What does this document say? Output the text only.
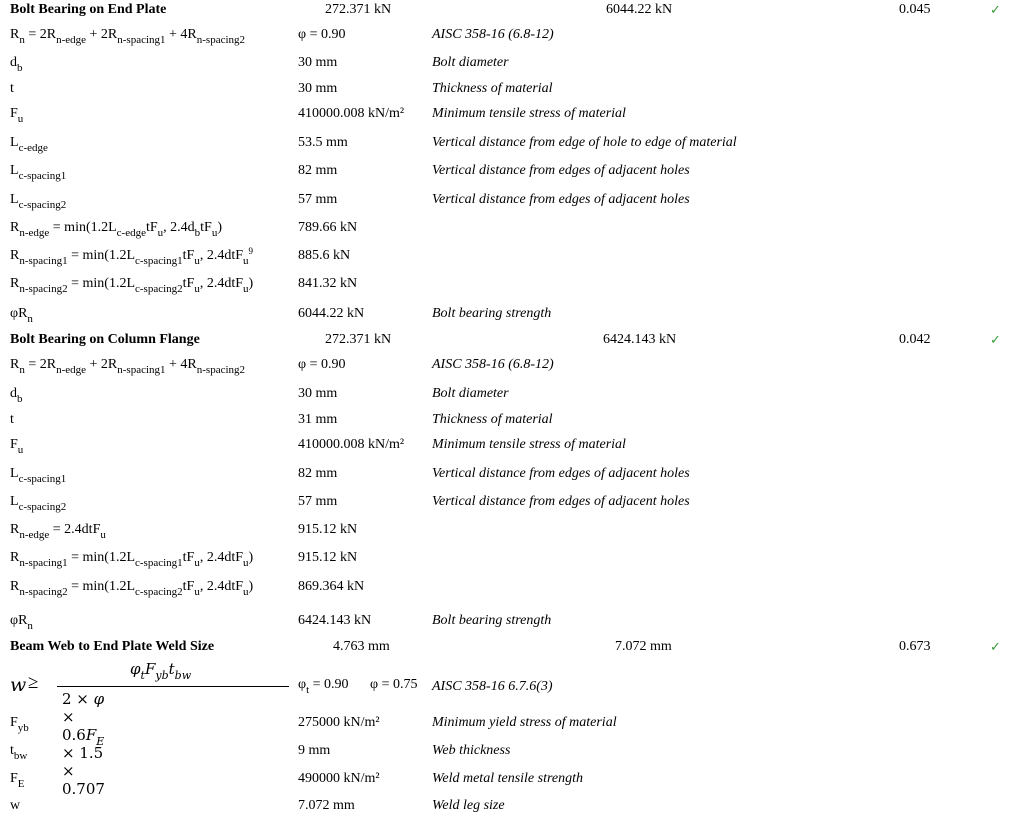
Bolt Bearing on End Plate	272.371 kN	6044.22 kN	0.045	✓
$R_n = 2R_{n-edge} + 2R_{n-spacing1} + 4R_{n-spacing2}$	φ = 0.90	AISC 358-16 (6.8-12)
$d_b$	30 mm	Bolt diameter
t	30 mm	Thickness of material
$F_u$	410000.008 kN/m² Minimum tensile stress of material
$L_{c-edge}$	53.5 mm	Vertical distance from edge of hole to edge of material
$L_{c-spacing1}$	82 mm	Vertical distance from edges of adjacent holes
$L_{c-spacing2}$	57 mm	Vertical distance from edges of adjacent holes
$R_{n-edge} = \min(1.2L_{c-edge}tF_u$, $2.4d_btF_u$)	789.66 kN
$R_{n-spacing1} = \min(1.2L_{c-spacing1}tF_u$, 2.4dtF$_u^9$	885.6 kN
$R_{n-spacing2} = \min(1.2L_{c-spacing2}tF_u$, 2.4dtF$_u$)	841.32 kN
$\varphi R_n$	6044.22 kN	Bolt bearing strength
Bolt Bearing on Column Flange	272.371 kN	6424.143 kN	0.042	✓
$R_n = 2R_{n-edge} + 2R_{n-spacing1} + 4R_{n-spacing2}$	φ = 0.90	AISC 358-16 (6.8-12)
$d_b$	30 mm	Bolt diameter
t	31 mm	Thickness of material
$F_u$	410000.008 kN/m² Minimum tensile stress of material
$L_{c-spacing1}$	82 mm	Vertical distance from edges of adjacent holes
$L_{c-spacing2}$	57 mm	Vertical distance from edges of adjacent holes
$R_{n-edge} = 2.4dtF_u$	915.12 kN
$R_{n-spacing1} = \min(1.2L_{c-spacing1}tF_u$, 2.4dtF$_u$)	915.12 kN
$R_{n-spacing2} = \min(1.2L_{c-spacing2}tF_u$, 2.4dtF$_u$)	869.364 kN
$\varphi R_n$	6424.143 kN	Bolt bearing strength
Beam Web to End Plate Weld Size	4.763 mm	7.072 mm	0.673	✓
w ≥
$\varphi_tF_{yb}t_{bw}$
$2 \times \varphi \times 0.6F_E \times 1.5 \times 0.707$
$\varphi_t = 0.90$ φ = 0.75 AISC 358-16 6.7.6(3)
$F_{yb}$	275000 kN/m²	Minimum yield stress of material
$t_{bw}$	9 mm	Web thickness
$F_E$	490000 kN/m²	Weld metal tensile strength
w	7.072 mm	Weld leg size
